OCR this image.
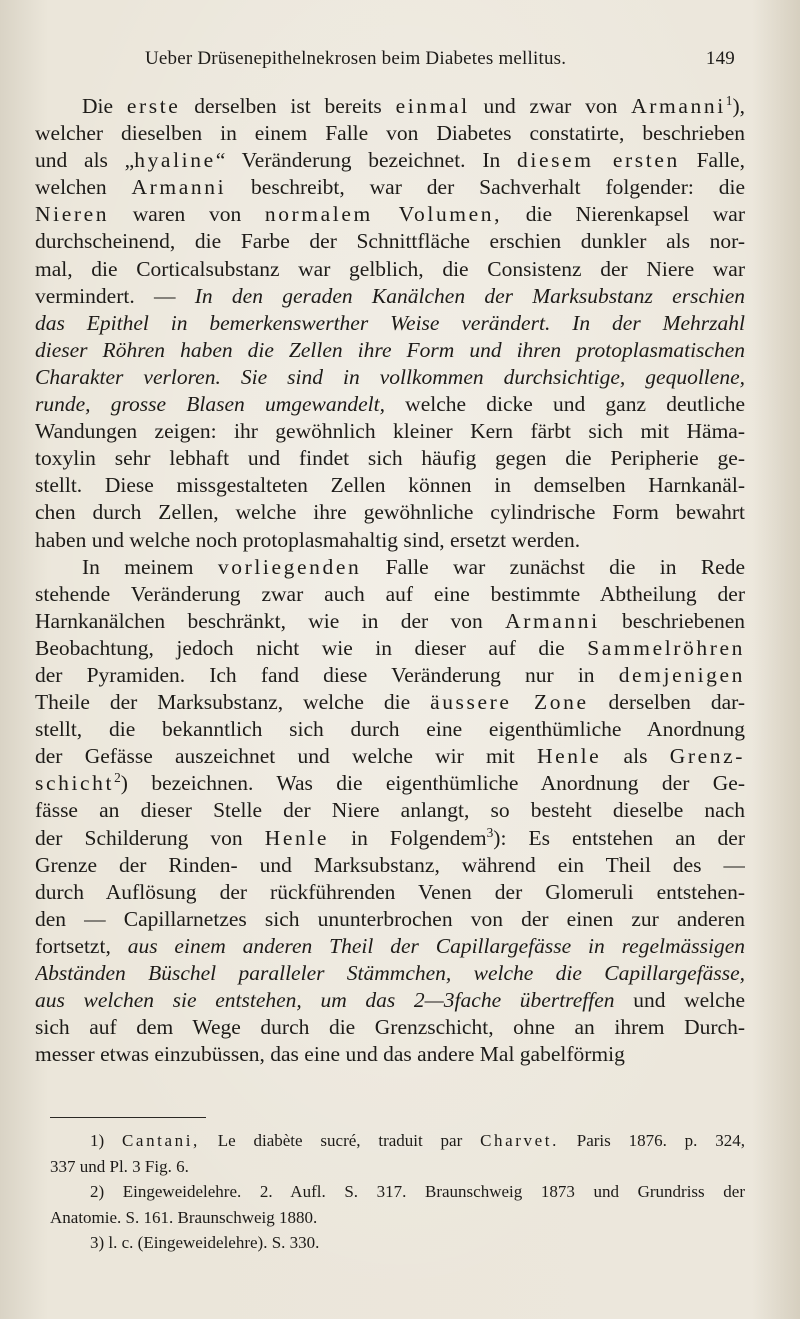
Ueber Drüsenepithelnekrosen beim Diabetes mellitus.	149
Die erste derselben ist bereits einmal und zwar von Armanni$^1$),
welcher dieselben in einem Falle von Diabetes constatirte, beschrieben
und als „hyaline“ Veränderung bezeichnet. In diesem ersten Falle,
welchen Armanni beschreibt, war der Sachverhalt folgender: die
Nieren waren von normalem Volumen, die Nierenkapsel war
durchscheinend, die Farbe der Schnittfläche erschien dunkler als nor-
mal, die Corticalsubstanz war gelblich, die Consistenz der Niere war
vermindert. — In den geraden Kanälchen der Marksubstanz erschien
das Epithel in bemerkenswerther Weise verändert. In der Mehrzahl
dieser Röhren haben die Zellen ihre Form und ihren protoplasmatischen
Charakter verloren. Sie sind in vollkommen durchsichtige, gequollene,
runde, grosse Blasen umgewandelt, welche dicke und ganz deutliche
Wandungen zeigen: ihr gewöhnlich kleiner Kern färbt sich mit Häma-
toxylin sehr lebhaft und findet sich häufig gegen die Peripherie ge-
stellt. Diese missgestalteten Zellen können in demselben Harnkanäl-
chen durch Zellen, welche ihre gewöhnliche cylindrische Form bewahrt
haben und welche noch protoplasmahaltig sind, ersetzt werden.
In meinem vorliegenden Falle war zunächst die in Rede
stehende Veränderung zwar auch auf eine bestimmte Abtheilung der
Harnkanälchen beschränkt, wie in der von Armanni beschriebenen
Beobachtung, jedoch nicht wie in dieser auf die Sammelröhren
der Pyramiden. Ich fand diese Veränderung nur in demjenigen
Theile der Marksubstanz, welche die äussere Zone derselben dar-
stellt, die bekanntlich sich durch eine eigenthümliche Anordnung
der Gefässe auszeichnet und welche wir mit Henle als Grenz-
schicht$^2$) bezeichnen. Was die eigenthümliche Anordnung der Ge-
fässe an dieser Stelle der Niere anlangt, so besteht dieselbe nach
der Schilderung von Henle in Folgendem$^3$): Es entstehen an der
Grenze der Rinden- und Marksubstanz, während ein Theil des —
durch Auflösung der rückführenden Venen der Glomeruli entstehen-
den — Capillarnetzes sich ununterbrochen von der einen zur anderen
fortsetzt, aus einem anderen Theil der Capillargefässe in regelmässigen
Abständen Büschel paralleler Stämmchen, welche die Capillargefässe,
aus welchen sie entstehen, um das 2—3fache übertreffen und welche
sich auf dem Wege durch die Grenzschicht, ohne an ihrem Durch-
messer etwas einzubüssen, das eine und das andere Mal gabelförmig
1) Cantani, Le diabète sucré, traduit par Charvet. Paris 1876. p. 324,
337 und Pl. 3 Fig. 6.
2) Eingeweidelehre. 2. Aufl. S. 317. Braunschweig 1873 und Grundriss der
Anatomie. S. 161. Braunschweig 1880.
3) l. c. (Eingeweidelehre). S. 330.
